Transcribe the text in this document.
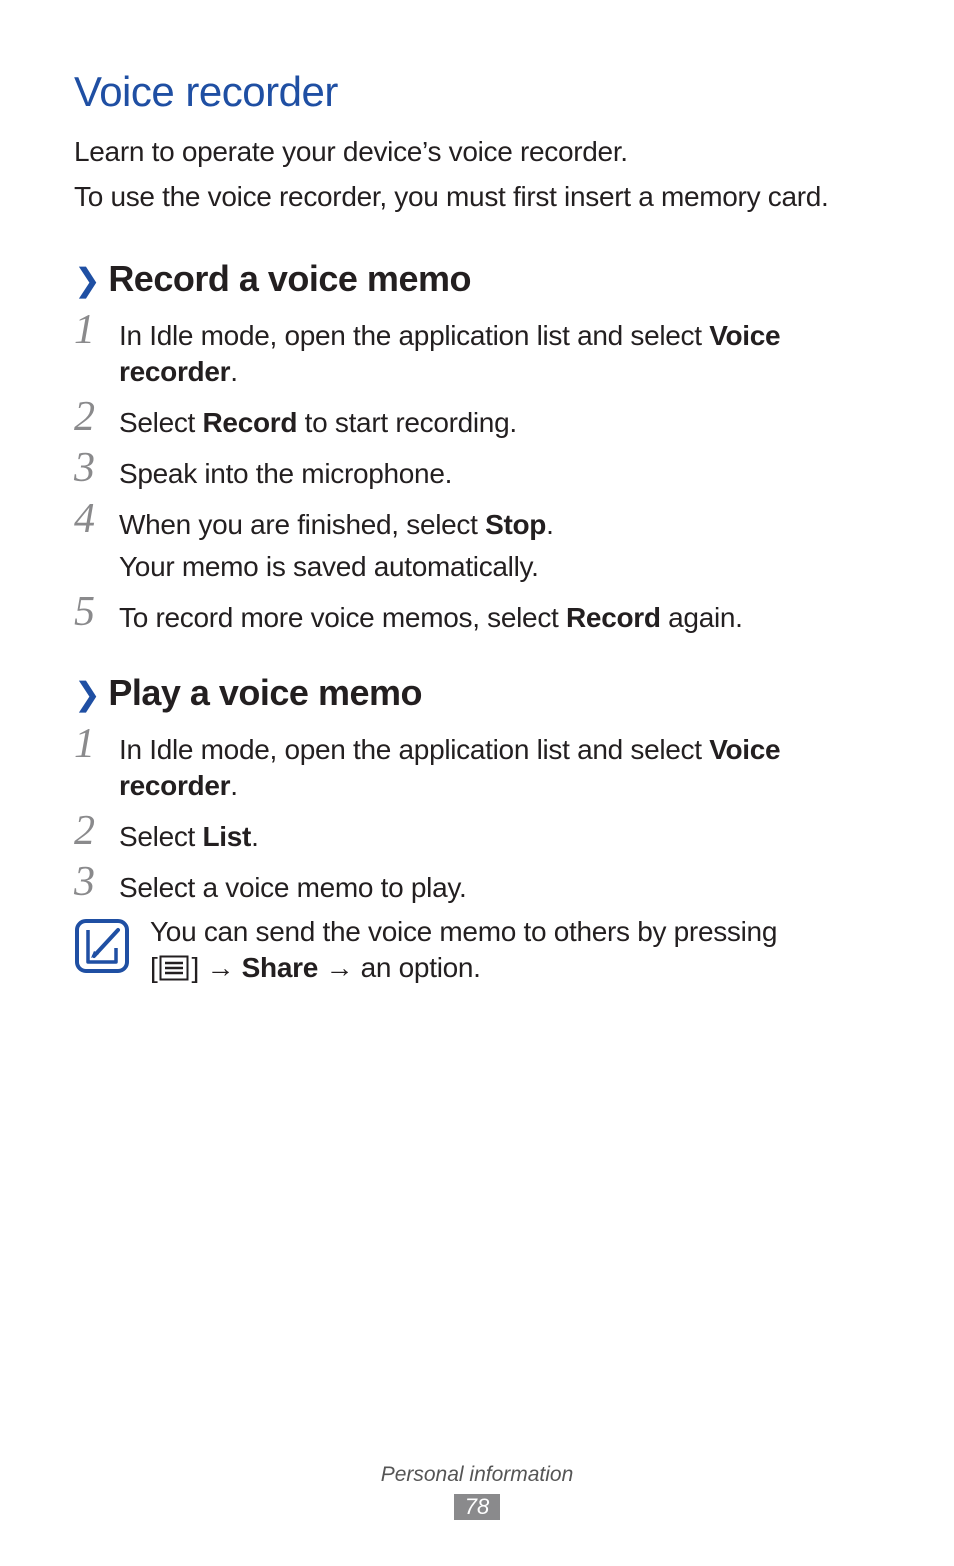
Voice recorder
Learn to operate your device’s voice recorder.
To use the voice recorder, you must first insert a memory card.
❯ Record a voice memo
1 In Idle mode, open the application list and select Voice recorder.
2 Select Record to start recording.
3 Speak into the microphone.
4 When you are finished, select Stop.
Your memo is saved automatically.
5 To record more voice memos, select Record again.
❯ Play a voice memo
1 In Idle mode, open the application list and select Voice recorder.
2 Select List.
3 Select a voice memo to play.
You can send the voice memo to others by pressing
[ ] → Share → an option.
Personal information
78
